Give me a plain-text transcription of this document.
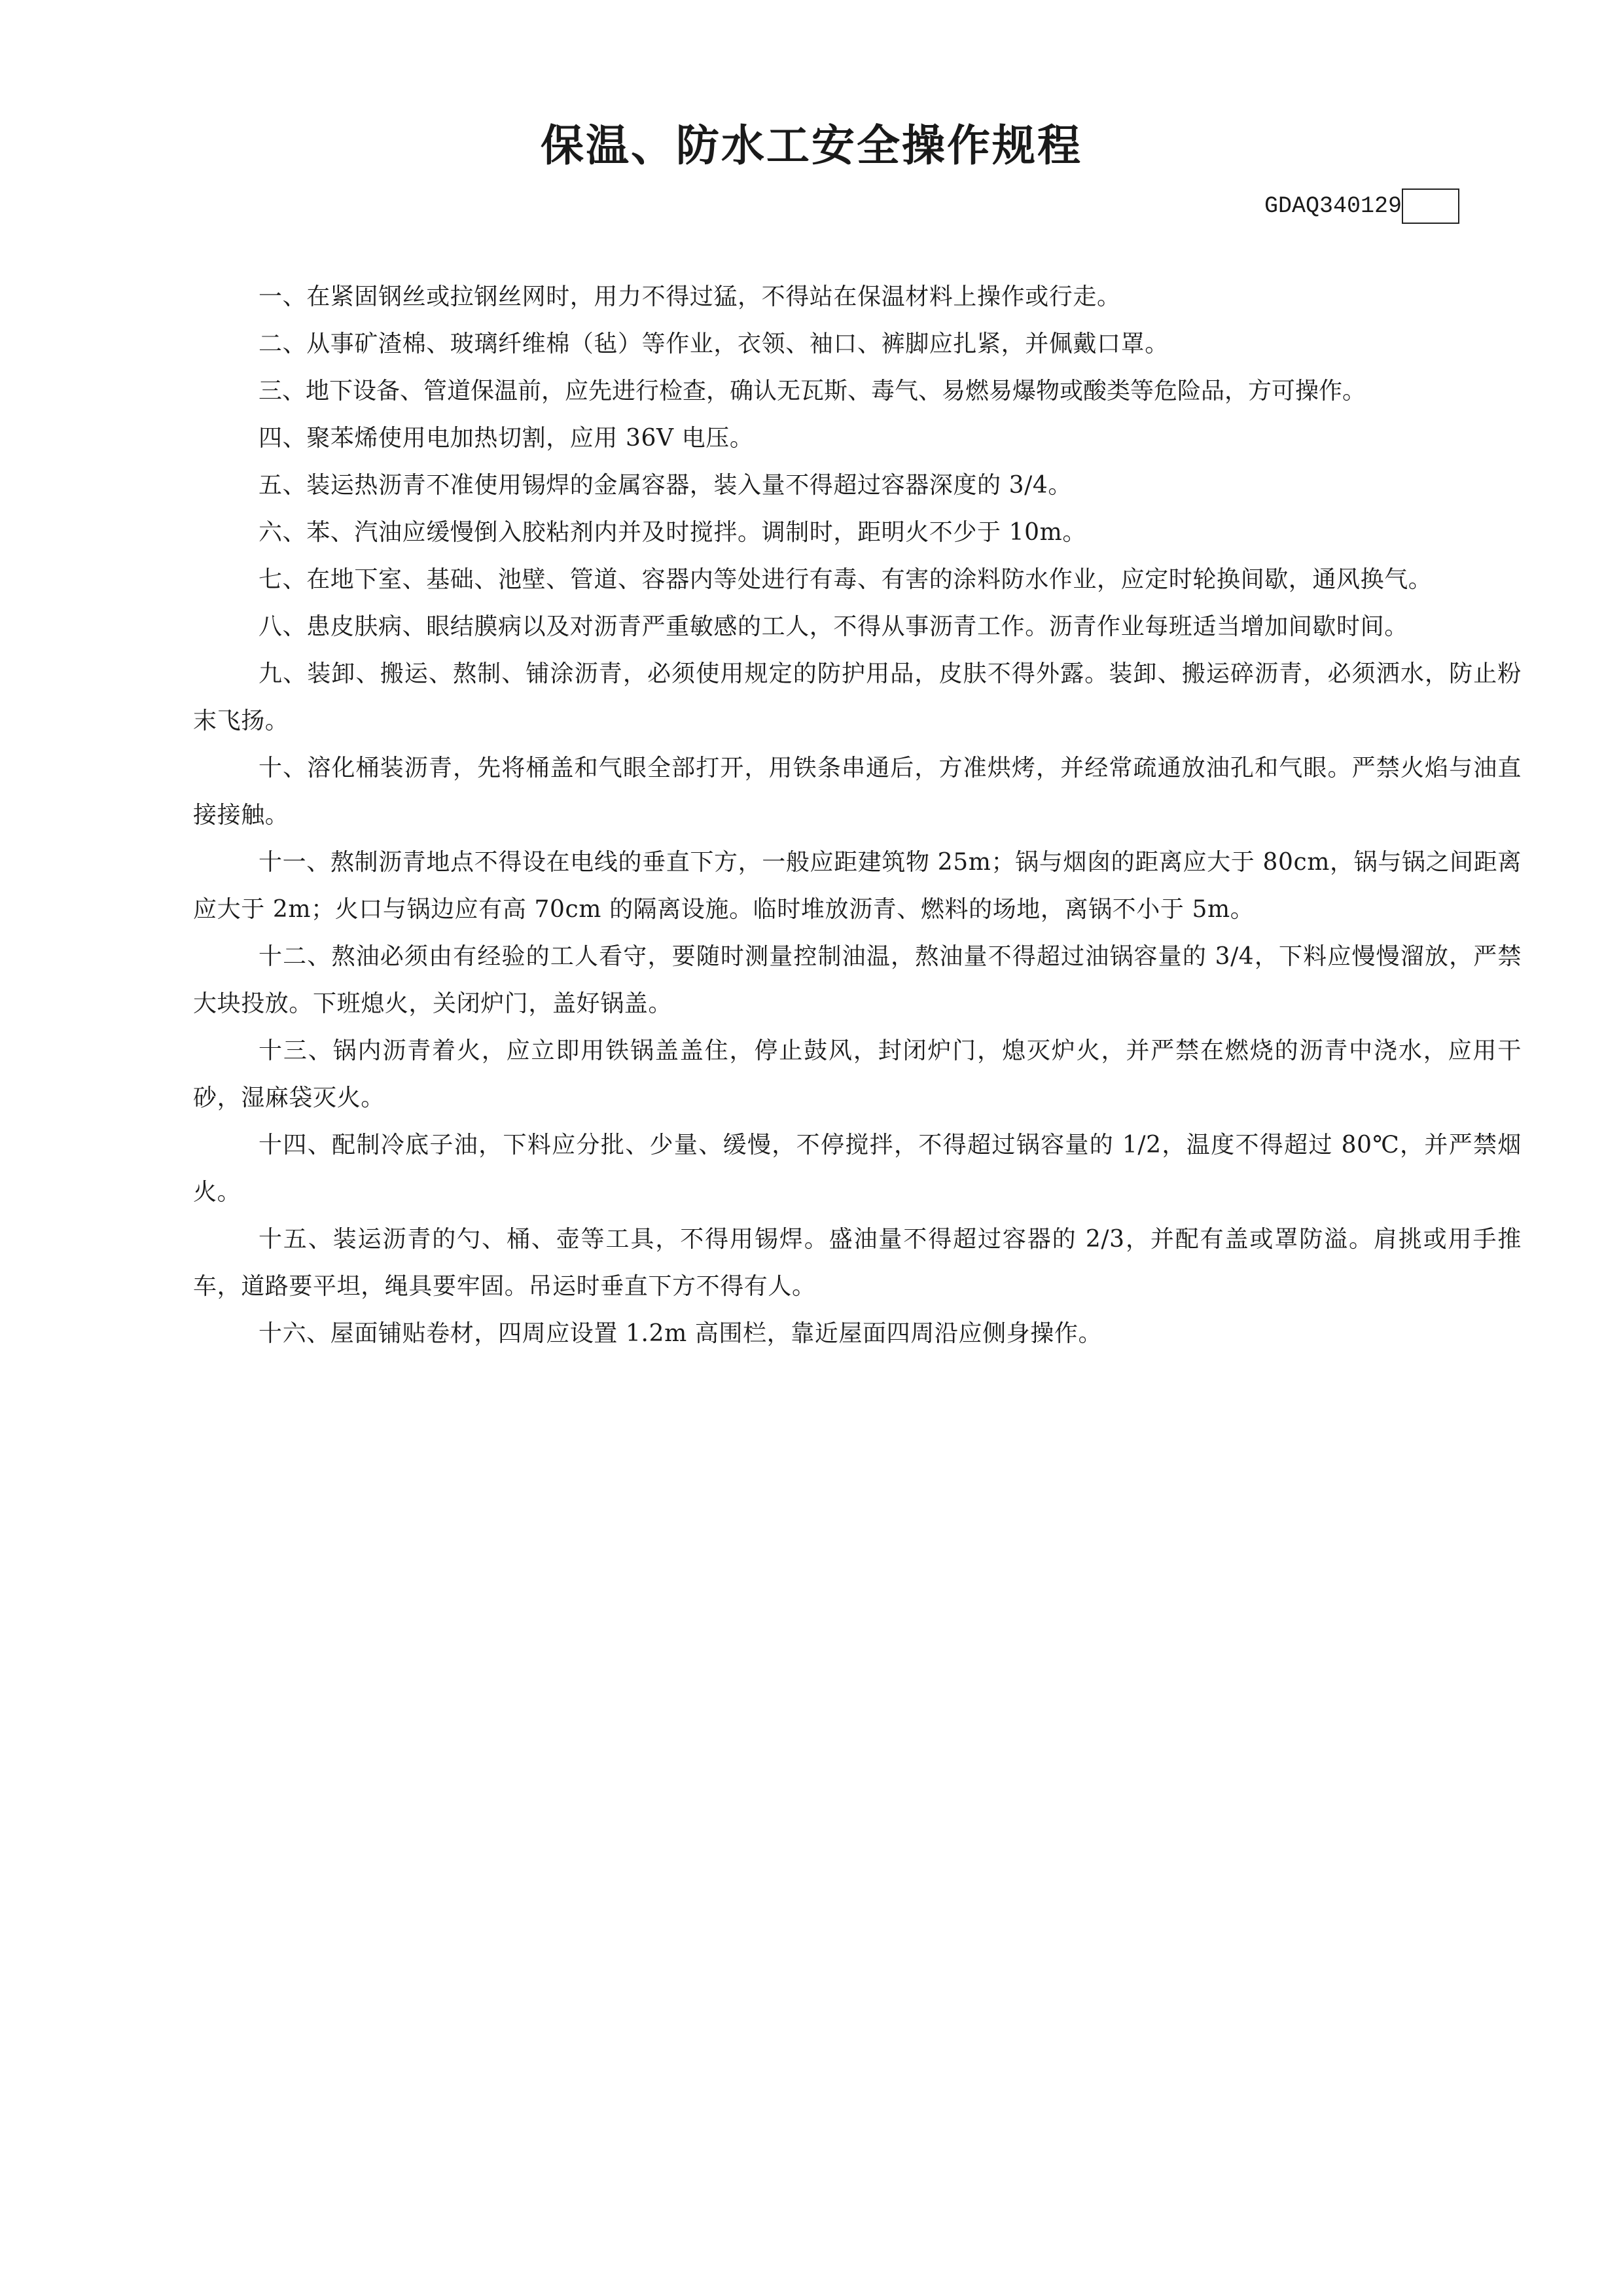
保温、防水工安全操作规程
GDAQ340129
一、在紧固钢丝或拉钢丝网时，用力不得过猛，不得站在保温材料上操作或行走。
二、从事矿渣棉、玻璃纤维棉（毡）等作业，衣领、袖口、裤脚应扎紧，并佩戴口罩。
三、地下设备、管道保温前，应先进行检查，确认无瓦斯、毒气、易燃易爆物或酸类等危险品，方可操作。
四、聚苯烯使用电加热切割，应用 36V 电压。
五、装运热沥青不准使用锡焊的金属容器，装入量不得超过容器深度的 3/4。
六、苯、汽油应缓慢倒入胶粘剂内并及时搅拌。调制时，距明火不少于 10m。
七、在地下室、基础、池壁、管道、容器内等处进行有毒、有害的涂料防水作业，应定时轮换间歇，通风换气。
八、患皮肤病、眼结膜病以及对沥青严重敏感的工人，不得从事沥青工作。沥青作业每班适当增加间歇时间。
九、装卸、搬运、熬制、铺涂沥青，必须使用规定的防护用品，皮肤不得外露。装卸、搬运碎沥青，必须洒水，防止粉末飞扬。
十、溶化桶装沥青，先将桶盖和气眼全部打开，用铁条串通后，方准烘烤，并经常疏通放油孔和气眼。严禁火焰与油直接接触。
十一、熬制沥青地点不得设在电线的垂直下方，一般应距建筑物 25m；锅与烟囱的距离应大于 80cm，锅与锅之间距离应大于 2m；火口与锅边应有高 70cm 的隔离设施。临时堆放沥青、燃料的场地，离锅不小于 5m。
十二、熬油必须由有经验的工人看守，要随时测量控制油温，熬油量不得超过油锅容量的 3/4，下料应慢慢溜放，严禁大块投放。下班熄火，关闭炉门，盖好锅盖。
十三、锅内沥青着火，应立即用铁锅盖盖住，停止鼓风，封闭炉门，熄灭炉火，并严禁在燃烧的沥青中浇水，应用干砂，湿麻袋灭火。
十四、配制冷底子油，下料应分批、少量、缓慢，不停搅拌，不得超过锅容量的 1/2，温度不得超过 80℃，并严禁烟火。
十五、装运沥青的勺、桶、壶等工具，不得用锡焊。盛油量不得超过容器的 2/3，并配有盖或罩防溢。肩挑或用手推车，道路要平坦，绳具要牢固。吊运时垂直下方不得有人。
十六、屋面铺贴卷材，四周应设置 1.2m 高围栏，靠近屋面四周沿应侧身操作。
